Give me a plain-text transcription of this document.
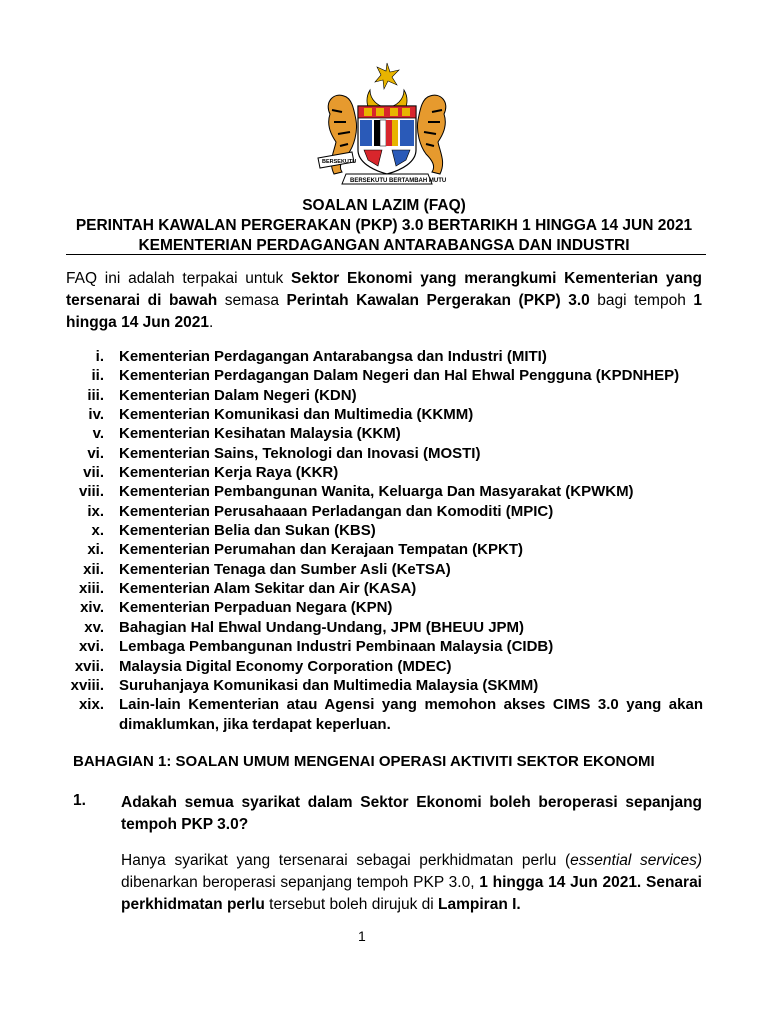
BERSEKUTU
BERSEKUTU BERTAMBAH MUTU
SOALAN LAZIM (FAQ)
PERINTAH KAWALAN PERGERAKAN (PKP) 3.0 BERTARIKH 1 HINGGA 14 JUN 2021
KEMENTERIAN PERDAGANGAN ANTARABANGSA DAN INDUSTRI
FAQ ini adalah terpakai untuk Sektor Ekonomi yang merangkumi Kementerian yang tersenarai di bawah semasa Perintah Kawalan Pergerakan (PKP) 3.0 bagi tempoh 1 hingga 14 Jun 2021.
i. Kementerian Perdagangan Antarabangsa dan Industri (MITI)
ii. Kementerian Perdagangan Dalam Negeri dan Hal Ehwal Pengguna (KPDNHEP)
iii. Kementerian Dalam Negeri (KDN)
iv. Kementerian Komunikasi dan Multimedia (KKMM)
v. Kementerian Kesihatan Malaysia (KKM)
vi. Kementerian Sains, Teknologi dan Inovasi (MOSTI)
vii. Kementerian Kerja Raya (KKR)
viii. Kementerian Pembangunan Wanita, Keluarga Dan Masyarakat (KPWKM)
ix. Kementerian Perusahaaan Perladangan dan Komoditi (MPIC)
x. Kementerian Belia dan Sukan (KBS)
xi. Kementerian Perumahan dan Kerajaan Tempatan (KPKT)
xii. Kementerian Tenaga dan Sumber Asli (KeTSA)
xiii. Kementerian Alam Sekitar dan Air (KASA)
xiv. Kementerian Perpaduan Negara (KPN)
xv. Bahagian Hal Ehwal Undang-Undang, JPM (BHEUU JPM)
xvi. Lembaga Pembangunan Industri Pembinaan Malaysia (CIDB)
xvii. Malaysia Digital Economy Corporation (MDEC)
xviii. Suruhanjaya Komunikasi dan Multimedia Malaysia (SKMM)
xix. Lain-lain Kementerian atau Agensi yang memohon akses CIMS 3.0 yang akan dimaklumkan, jika terdapat keperluan.
BAHAGIAN 1: SOALAN UMUM MENGENAI OPERASI AKTIVITI SEKTOR EKONOMI
1. Adakah semua syarikat dalam Sektor Ekonomi boleh beroperasi sepanjang tempoh PKP 3.0?
Hanya syarikat yang tersenarai sebagai perkhidmatan perlu (essential services) dibenarkan beroperasi sepanjang tempoh PKP 3.0, 1 hingga 14 Jun 2021. Senarai perkhidmatan perlu tersebut boleh dirujuk di Lampiran I.
1
